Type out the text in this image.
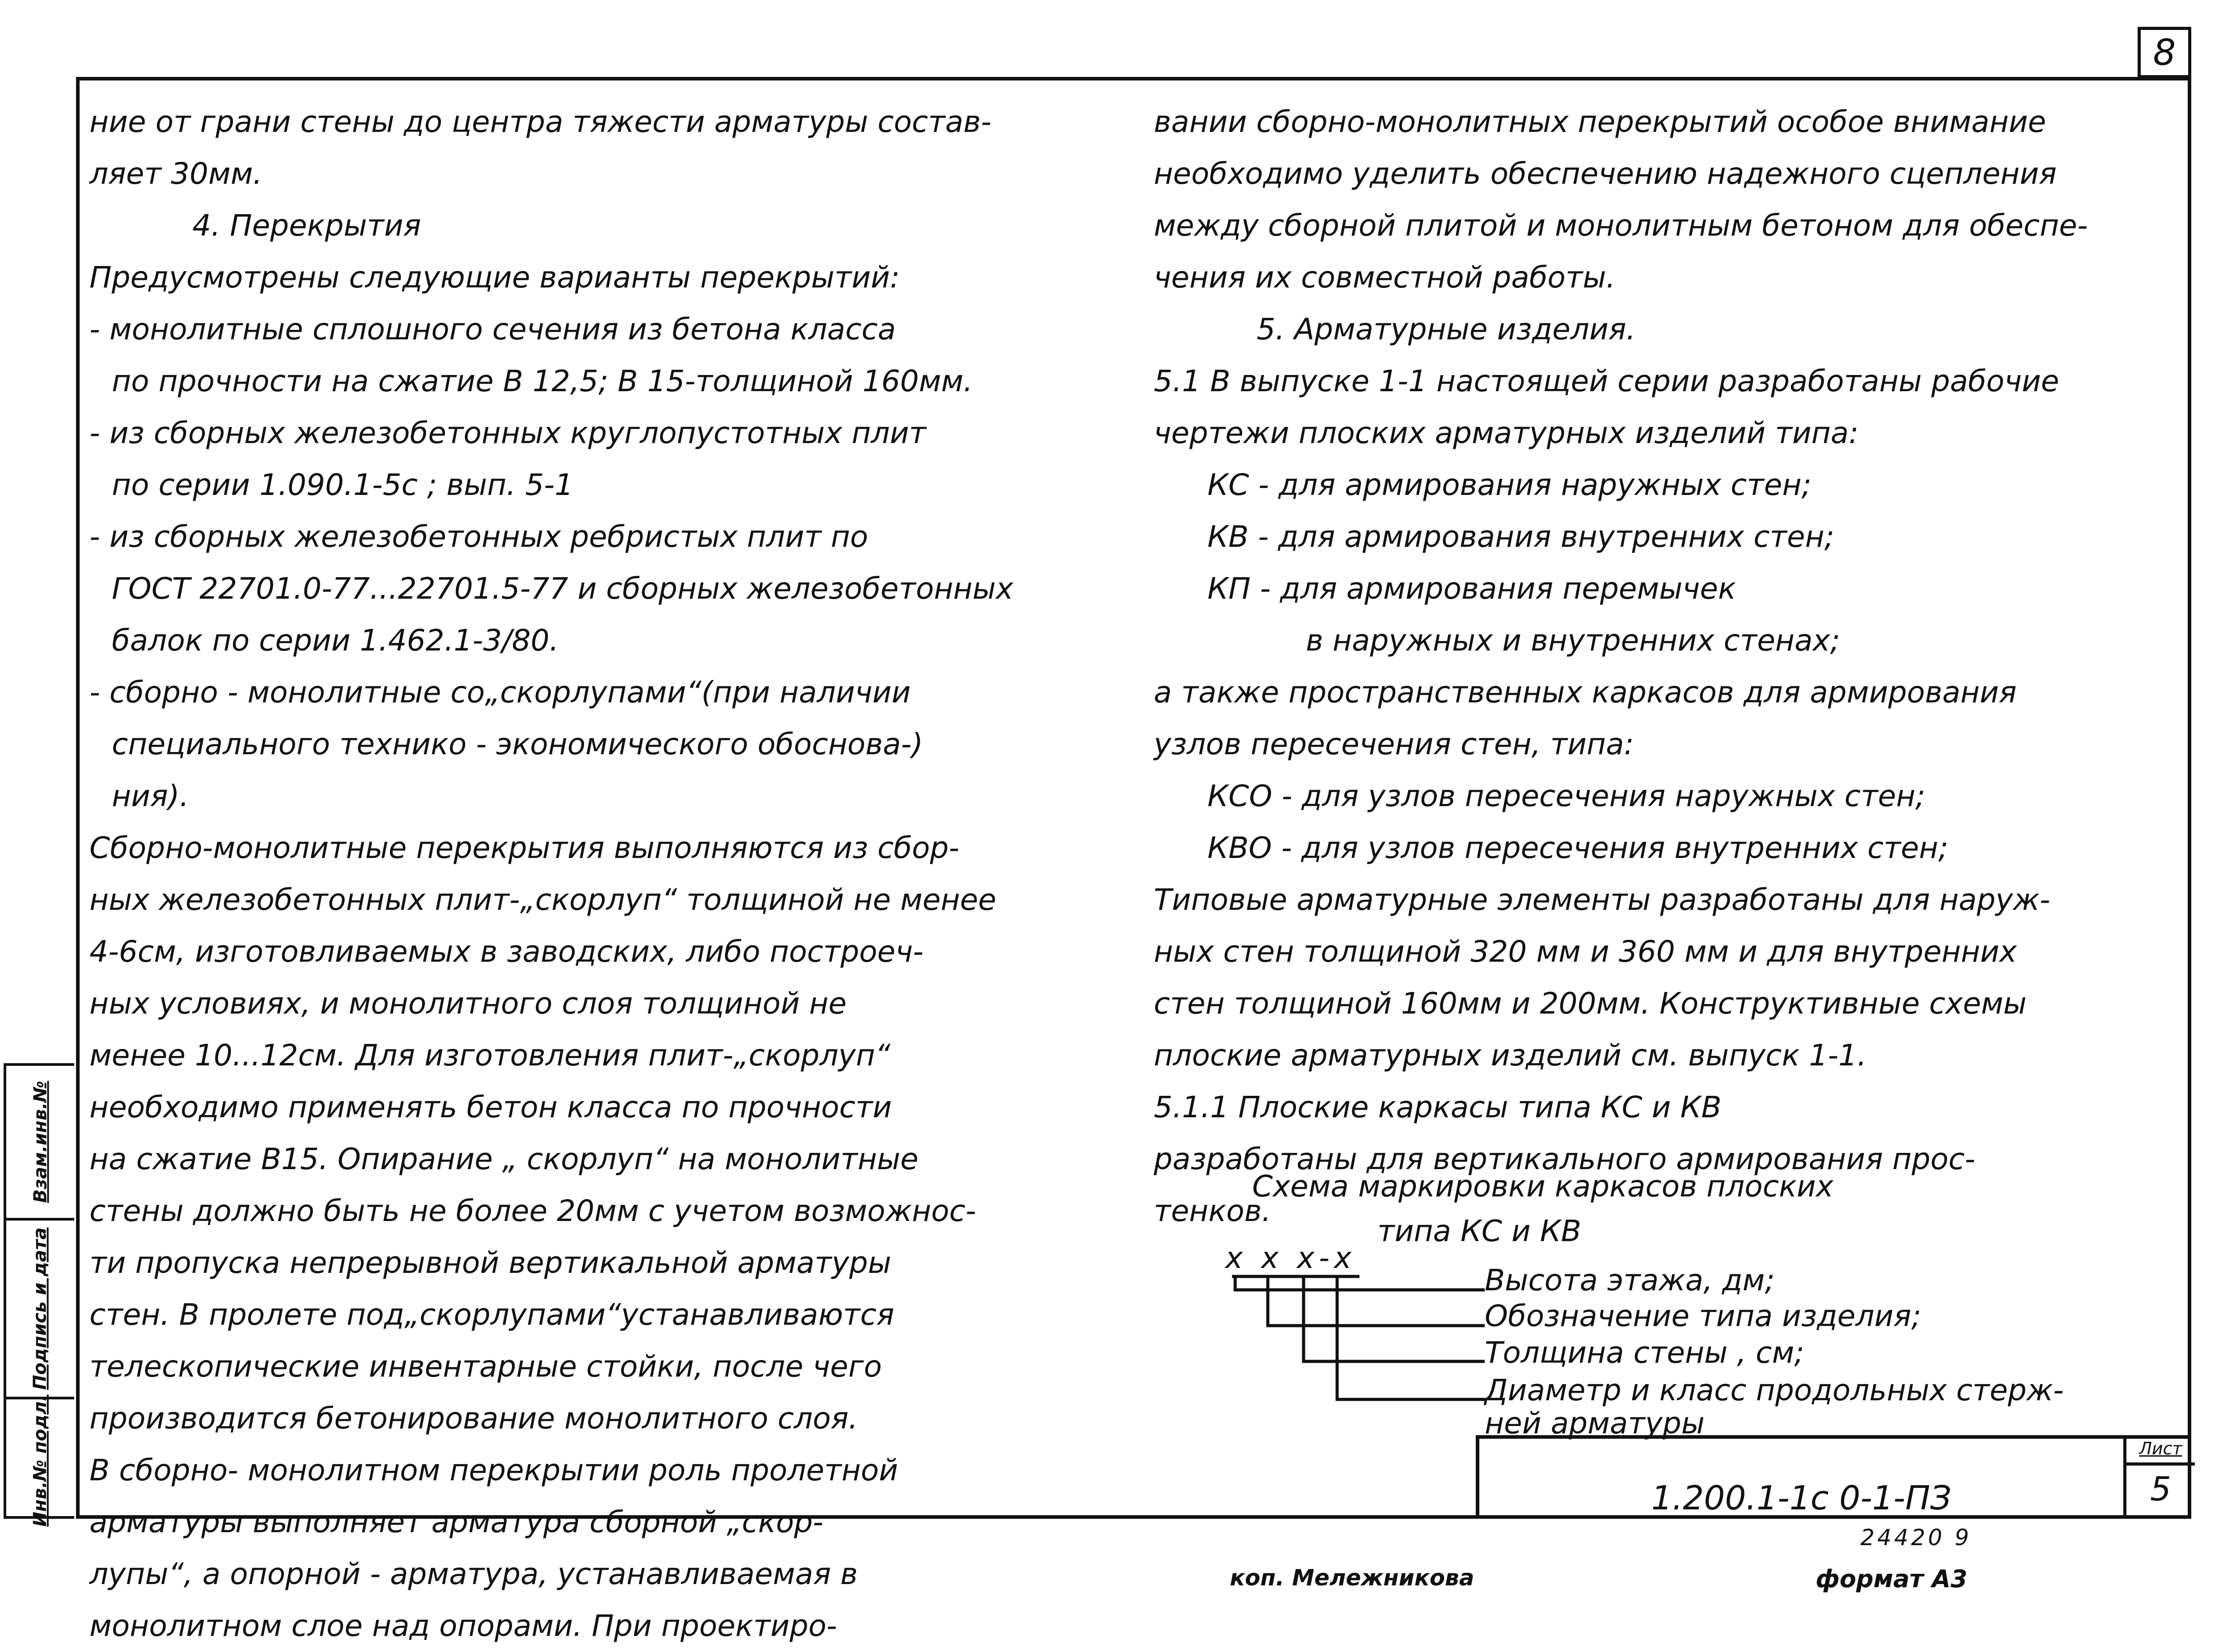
8
Взам.инв.№
Подпись и дата
Инв.№ подл.
ние от грани стены до центра тяжести арматуры состав-
ляет 30мм.
4. Перекрытия
Предусмотрены следующие варианты перекрытий:
- монолитные сплошного сечения из бетона класса
по прочности на сжатие В 12,5; В 15-толщиной 160мм.
- из сборных железобетонных круглопустотных плит
по серии 1.090.1-5с ; вып. 5-1
- из сборных железобетонных ребристых плит по
ГОСТ 22701.0-77...22701.5-77 и сборных железобетонных
балок по серии 1.462.1-3/80.
- сборно - монолитные со„скорлупами“(при наличии
специального технико - экономического обоснова-)
ния).
Сборно-монолитные перекрытия выполняются из сбор-
ных железобетонных плит-„скорлуп“ толщиной не менее
4-6см, изготовливаемых в заводских, либо построеч-
ных условиях, и монолитного слоя толщиной не
менее 10...12см. Для изготовления плит-„скорлуп“
необходимо применять бетон класса по прочности
на сжатие В15. Опирание „ скорлуп“ на монолитные
стены должно быть не более 20мм с учетом возможнос-
ти пропуска непрерывной вертикальной арматуры
стен. В пролете под„скорлупами“устанавливаются
телескопические инвентарные стойки, после чего
производится бетонирование монолитного слоя.
В сборно- монолитном перекрытии роль пролетной
арматуры выполняет арматура сборной „скор-
лупы“, а опорной - арматура, устанавливаемая в
монолитном слое над опорами. При проектиро-
вании сборно-монолитных перекрытий особое внимание
необходимо уделить обеспечению надежного сцепления
между сборной плитой и монолитным бетоном для обеспе-
чения их совместной работы.
5. Арматурные изделия.
5.1 В выпуске 1-1 настоящей серии разработаны рабочие
чертежи плоских арматурных изделий типа:
КС - для армирования наружных стен;
КВ - для армирования внутренних стен;
КП - для армирования перемычек
в наружных и внутренних стенах;
а также пространственных каркасов для армирования
узлов пересечения стен, типа:
КСО - для узлов пересечения наружных стен;
КВО - для узлов пересечения внутренних стен;
Типовые арматурные элементы разработаны для наруж-
ных стен толщиной 320 мм и 360 мм и для внутренних
стен толщиной 160мм и 200мм. Конструктивные схемы
плоские арматурных изделий см. выпуск 1-1.
5.1.1 Плоские каркасы типа КС и КВ
разработаны для вертикального армирования прос-
тенков.
Схема маркировки каркасов плоских
типа КС и КВ
х х х-х
Высота этажа, дм;
Обозначение типа изделия;
Толщина стены , см;
Диаметр и класс продольных стерж-
ней арматуры
1.200.1-1с 0-1-ПЗ
Лист
5
24420 9
коп. Мележникова	формат А3
